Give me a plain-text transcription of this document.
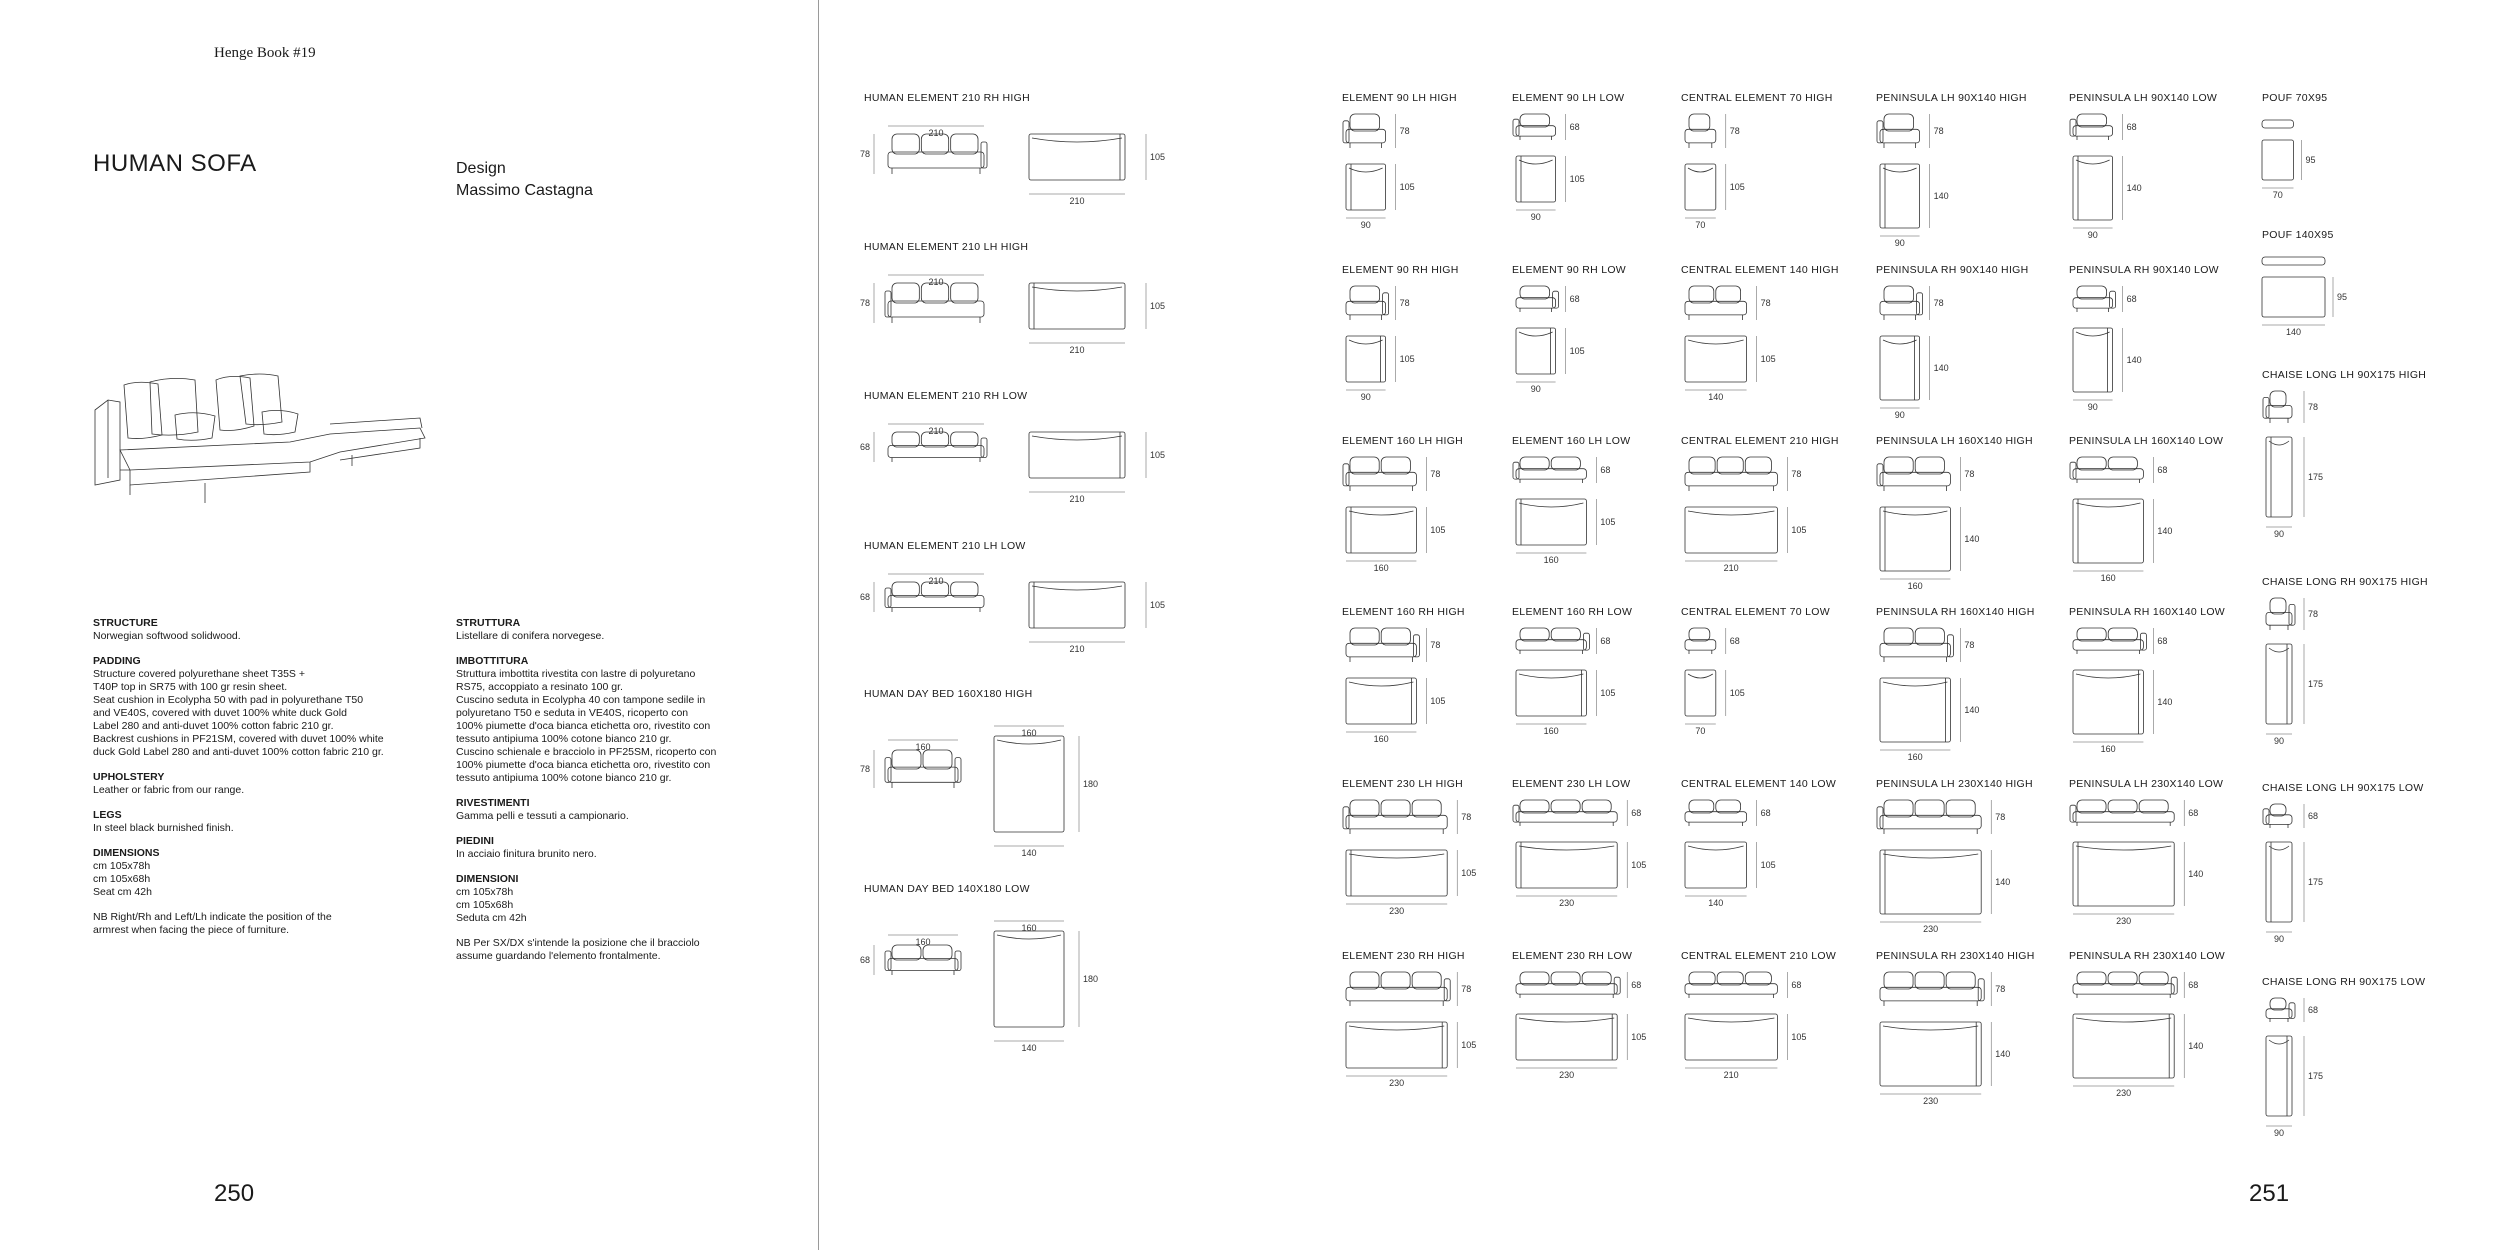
Henge Book #19
HUMAN SOFA	Design
Massimo Castagna
STRUCTURE
Norwegian softwood solidwood.
PADDING
Structure covered polyurethane sheet T35S +
T40P top in SR75 with 100 gr resin sheet.
Seat cushion in Ecolypha 50 with pad in polyurethane T50
and VE40S, covered with duvet 100% white duck Gold
Label 280 and anti-duvet 100% cotton fabric 210 gr.
Backrest cushions in PF21SM, covered with duvet 100% white
duck Gold Label 280 and anti-duvet 100% cotton fabric 210 gr.
UPHOLSTERY
Leather or fabric from our range.
LEGS
In steel black burnished finish.
DIMENSIONS
cm 105x78h
cm 105x68h
Seat cm 42h
NB Right/Rh and Left/Lh indicate the position of the
armrest when facing the piece of furniture.
STRUTTURA
Listellare di conifera norvegese.
IMBOTTITURA
Struttura imbottita rivestita con lastre di polyuretano
RS75, accoppiato a resinato 100 gr.
Cuscino seduta in Ecolypha 40 con tampone sedile in
polyuretano T50 e seduta in VE40S, ricoperto con
100% piumette d'oca bianca etichetta oro, rivestito con
tessuto antipiuma 100% cotone bianco 210 gr.
Cuscino schienale e bracciolo in PF25SM, ricoperto con
100% piumette d'oca bianca etichetta oro, rivestito con
tessuto antipiuma 100% cotone bianco 210 gr.
RIVESTIMENTI
Gamma pelli e tessuti a campionario.
PIEDINI
In acciaio finitura brunito nero.
DIMENSIONI
cm 105x78h
cm 105x68h
Seduta cm 42h
NB Per SX/DX s'intende la posizione che il bracciolo
assume guardando l'elemento frontalmente.
250	251
HUMAN ELEMENT 210 RH HIGH
210
78	105
210
HUMAN ELEMENT 210 LH HIGH
210
78	105
210
HUMAN ELEMENT 210 RH LOW
210
68
105
210
HUMAN ELEMENT 210 LH LOW
210
68
105
210
HUMAN DAY BED 160X180 HIGH
160
78
160
180
140
HUMAN DAY BED 140X180 LOW
160
68
160
180
140
ELEMENT 90 LH HIGH
78
105
90
ELEMENT 90 RH HIGH
78
105
90
ELEMENT 160 LH HIGH
78
105
160
ELEMENT 160 RH HIGH
78
105
160
ELEMENT 230 LH HIGH
78
105
230
ELEMENT 230 RH HIGH
78
105
230
ELEMENT 90 LH LOW
68
105
90
ELEMENT 90 RH LOW
68
105
90
ELEMENT 160 LH LOW
68
105
160
ELEMENT 160 RH LOW
68
105
160
ELEMENT 230 LH LOW
68
105
230
ELEMENT 230 RH LOW
68
105
230
CENTRAL ELEMENT 70 HIGH
78
105
70
CENTRAL ELEMENT 140 HIGH
78
105
140
CENTRAL ELEMENT 210 HIGH
78
105
210
CENTRAL ELEMENT 70 LOW
68
105
70
CENTRAL ELEMENT 140 LOW
68
105
140
CENTRAL ELEMENT 210 LOW
68
105
210
PENINSULA LH 90X140 HIGH
78
140
90
PENINSULA RH 90X140 HIGH
78
140
90
PENINSULA LH 160X140 HIGH
78
140
160
PENINSULA RH 160X140 HIGH
78
140
160
PENINSULA LH 230X140 HIGH
78
140
230
PENINSULA RH 230X140 HIGH
78
140
230
PENINSULA LH 90X140 LOW
68
140
90
PENINSULA RH 90X140 LOW
68
140
90
PENINSULA LH 160X140 LOW
68
140
160
PENINSULA RH 160X140 LOW
68
140
160
PENINSULA LH 230X140 LOW
68
140
230
PENINSULA RH 230X140 LOW
68
140
230
POUF 70X95
95
70
POUF 140X95
95
140
CHAISE LONG LH 90X175 HIGH
78
175
90
CHAISE LONG RH 90X175 HIGH
78
175
90
CHAISE LONG LH 90X175 LOW
68
175
90
CHAISE LONG RH 90X175 LOW
68
175
90
